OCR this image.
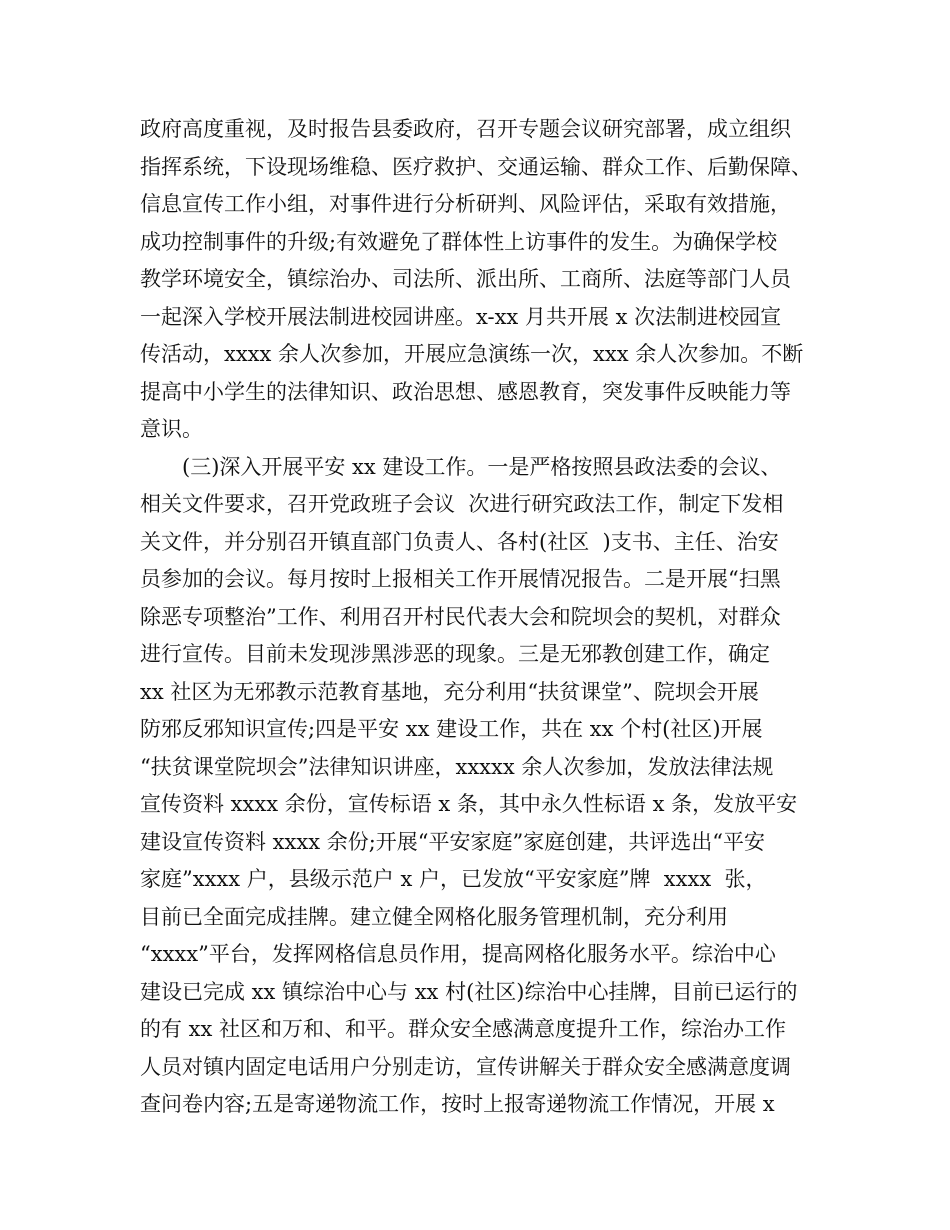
政府高度重视，及时报告县委政府，召开专题会议研究部署，成立组织
指挥系统，下设现场维稳、医疗救护、交通运输、群众工作、后勤保障、
信息宣传工作小组，对事件进行分析研判、风险评估，采取有效措施，
成功控制事件的升级;有效避免了群体性上访事件的发生。为确保学校
教学环境安全，镇综治办、司法所、派出所、工商所、法庭等部门人员
一起深入学校开展法制进校园讲座。x-xx 月共开展 x 次法制进校园宣
传活动，xxxx 余人次参加，开展应急演练一次，xxx 余人次参加。不断
提高中小学生的法律知识、政治思想、感恩教育，突发事件反映能力等
意识。
(三)深入开展平安 xx 建设工作。一是严格按照县政法委的会议、
相关文件要求，召开党政班子会议  次进行研究政法工作，制定下发相
关文件，并分别召开镇直部门负责人、各村(社区  )支书、主任、治安
员参加的会议。每月按时上报相关工作开展情况报告。二是开展“扫黑
除恶专项整治”工作、利用召开村民代表大会和院坝会的契机，对群众
进行宣传。目前未发现涉黑涉恶的现象。三是无邪教创建工作，确定
xx 社区为无邪教示范教育基地，充分利用“扶贫课堂”、院坝会开展
防邪反邪知识宣传;四是平安 xx 建设工作，共在 xx 个村(社区)开展
“扶贫课堂院坝会”法律知识讲座，xxxxx 余人次参加，发放法律法规
宣传资料 xxxx 余份，宣传标语 x 条，其中永久性标语 x 条，发放平安
建设宣传资料 xxxx 余份;开展“平安家庭”家庭创建，共评选出“平安
家庭”xxxx 户，县级示范户 x 户，已发放“平安家庭”牌  xxxx  张，
目前已全面完成挂牌。建立健全网格化服务管理机制，充分利用
“xxxx”平台，发挥网格信息员作用，提高网格化服务水平。综治中心
建设已完成 xx 镇综治中心与 xx 村(社区)综治中心挂牌，目前已运行的
的有 xx 社区和万和、和平。群众安全感满意度提升工作，综治办工作
人员对镇内固定电话用户分别走访，宣传讲解关于群众安全感满意度调
查问卷内容;五是寄递物流工作，按时上报寄递物流工作情况，开展 x
